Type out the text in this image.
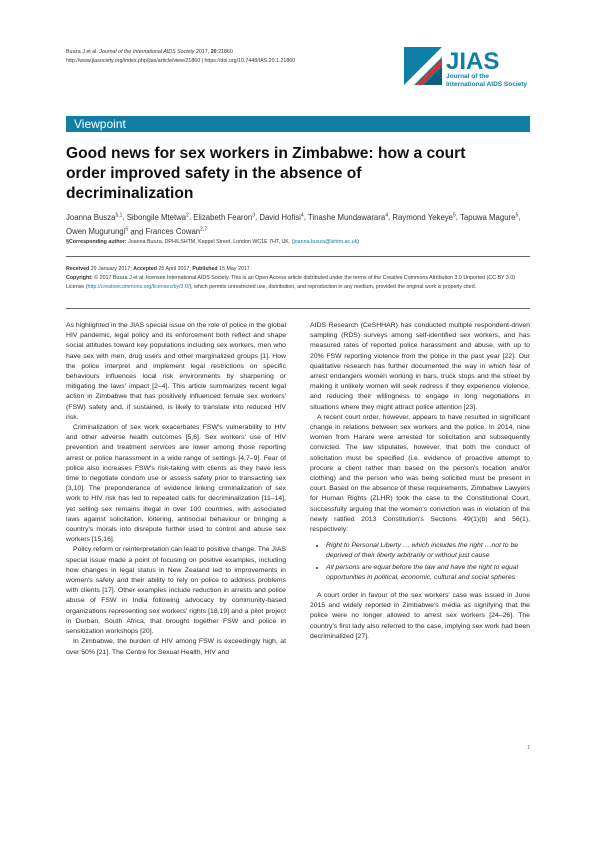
Busza J et al. Journal of the International AIDS Society 2017, 20:21860
http://www.jiasociety.org/index.php/jias/article/view/21860 | https://doi.org/10.7448/IAS.20.1.21860	JIAS
Journal of the
International AIDS Society
Viewpoint
Good news for sex workers in Zimbabwe: how a court order improved safety in the absence of decriminalization
Joanna Busza$^{\S,1}$, Sibongile Mtetwa$^2$, Elizabeth Fearon$^3$, David Hofisi$^4$, Tinashe Mundawarara$^4$, Raymond Yekeye$^5$, Tapuwa Magure$^5$, Owen Mugurungi$^6$ and Frances Cowan$^{2,7}$
§Corresponding author: Joanna Busza, DPH/LSHTM, Keppel Street, London WC1E 7HT, UK. (joanna.busza@lshtm.ac.uk)
Received 29 January 2017; Accepted 25 April 2017; Published 15 May 2017
Copyright: © 2017 Busza J et al; licensee International AIDS Society. This is an Open Access article distributed under the terms of the Creative Commons Attribution 3.0 Unported (CC BY 3.0) License (http://creativecommons.org/licenses/by/3.0/), which permits unrestricted use, distribution, and reproduction in any medium, provided the original work is properly cited.

As highlighted in the JIAS special issue on the role of police in the global HIV pandemic, legal policy and its enforcement both reflect and shape social attitudes toward key populations including sex workers, men who have sex with men, drug users and other marginalized groups [1]. How the police interpret and implement legal restrictions on specific behaviours influences local risk environments by sharpening or mitigating the laws' impact [2–4]. This article summarizes recent legal action in Zimbabwe that has positively influenced female sex workers' (FSW) safety and, if sustained, is likely to translate into reduced HIV risk.

Criminalization of sex work exacerbates FSW's vulnerability to HIV and other adverse health outcomes [5,6]. Sex workers' use of HIV prevention and treatment services are lower among those reporting arrest or police harassment in a wide range of settings [4,7–9]. Fear of police also increases FSW's risk-taking with clients as they have less time to negotiate condom use or assess safety prior to transacting sex [3,10]. The preponderance of evidence linking criminalization of sex work to HIV risk has led to repeated calls for decriminalization [11–14], yet selling sex remains illegal in over 100 countries, with associated laws against solicitation, loitering, antisocial behaviour or bringing a country's morals into disrepute further used to control and abuse sex workers [15,16].

Policy reform or reinterpretation can lead to positive change. The JIAS special issue made a point of focusing on positive examples, including how changes in legal status in New Zealand led to improvements in women's safety and their ability to rely on police to address problems with clients [17]. Other examples include reduction in arrests and police abuse of FSW in India following advocacy by community-based organizations representing sex workers' rights [18,19] and a pilot project in Durban, South Africa, that brought together FSW and police in sensitization workshops [20].

In Zimbabwe, the burden of HIV among FSW is exceedingly high, at over 50% [21]. The Centre for Sexual Health, HIV and

AIDS Research (CeSHHAR) has conducted multiple respondent-driven sampling (RDS) surveys among self-identified sex workers, and has measured rates of reported police harassment and abuse, with up to 20% FSW reporting violence from the police in the past year [22]. Our qualitative research has further documented the way in which fear of arrest endangers women working in bars, truck stops and the street by making it unlikely women will seek redress if they experience violence, and reducing their willingness to engage in long negotiations in situations where they might attract police attention [23].

A recent court order, however, appears to have resulted in significant change in relations between sex workers and the police. In 2014, nine women from Harare were arrested for solicitation and subsequently convicted. The law stipulates, however, that both the conduct of solicitation must be specified (i.e. evidence of proactive attempt to procure a client rather than based on the person's location and/or clothing) and the person who was being solicited must be present in court. Based on the absence of these requirements, Zimbabwe Lawyers for Human Rights (ZLHR) took the case to the Constitutional Court, successfully arguing that the women's conviction was in violation of the newly ratified 2013 Constitution's Sections 49(1)(b) and 56(1), respectively:

• Right to Personal Liberty … which includes the right …not to be deprived of their liberty arbitrarily or without just cause
• All persons are equal before the law and have the right to equal opportunities in political, economic, cultural and social spheres

A court order in favour of the sex workers' case was issued in June 2015 and widely reported in Zimbabwe's media as signifying that the police were no longer allowed to arrest sex workers [24–26]. The country's first lady also referred to the case, implying sex work had been decriminalized [27].

1
